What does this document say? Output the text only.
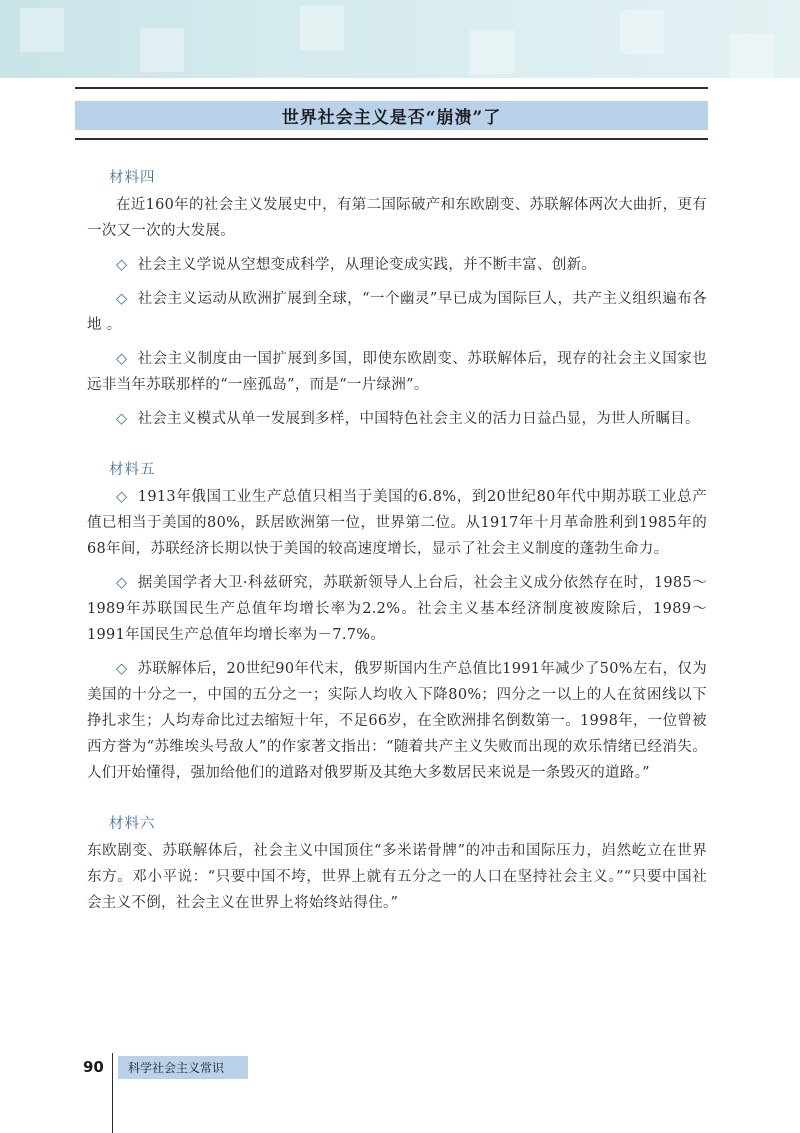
世界社会主义是否“崩溃”了
材料四

在近160年的社会主义发展史中，有第二国际破产和东欧剧变、苏联解体两次大曲折，更有一次又一次的大发展。

◇ 社会主义学说从空想变成科学，从理论变成实践，并不断丰富、创新。

◇ 社会主义运动从欧洲扩展到全球，“一个幽灵”早已成为国际巨人，共产主义组织遍布各地 。

◇ 社会主义制度由一国扩展到多国，即使东欧剧变、苏联解体后，现存的社会主义国家也远非当年苏联那样的“一座孤岛”，而是“一片绿洲”。

◇ 社会主义模式从单一发展到多样，中国特色社会主义的活力日益凸显，为世人所瞩目。

材料五

◇ 1913年俄国工业生产总值只相当于美国的6.8%，到20世纪80年代中期苏联工业总产值已相当于美国的80%，跃居欧洲第一位，世界第二位。从1917年十月革命胜利到1985年的68年间，苏联经济长期以快于美国的较高速度增长，显示了社会主义制度的蓬勃生命力。

◇ 据美国学者大卫·科兹研究，苏联新领导人上台后，社会主义成分依然存在时，1985～1989年苏联国民生产总值年均增长率为2.2%。社会主义基本经济制度被废除后，1989～1991年国民生产总值年均增长率为－7.7%。

◇ 苏联解体后，20世纪90年代末，俄罗斯国内生产总值比1991年减少了50%左右，仅为美国的十分之一，中国的五分之一；实际人均收入下降80%；四分之一以上的人在贫困线以下挣扎求生；人均寿命比过去缩短十年，不足66岁，在全欧洲排名倒数第一。1998年，一位曾被西方誉为“苏维埃头号敌人”的作家著文指出：“随着共产主义失败而出现的欢乐情绪已经消失。人们开始懂得，强加给他们的道路对俄罗斯及其绝大多数居民来说是一条毁灭的道路。”

材料六

东欧剧变、苏联解体后，社会主义中国顶住“多米诺骨牌”的冲击和国际压力，岿然屹立在世界东方。邓小平说：“只要中国不垮，世界上就有五分之一的人口在坚持社会主义。”“只要中国社会主义不倒，社会主义在世界上将始终站得住。”

90	科学社会主义常识
